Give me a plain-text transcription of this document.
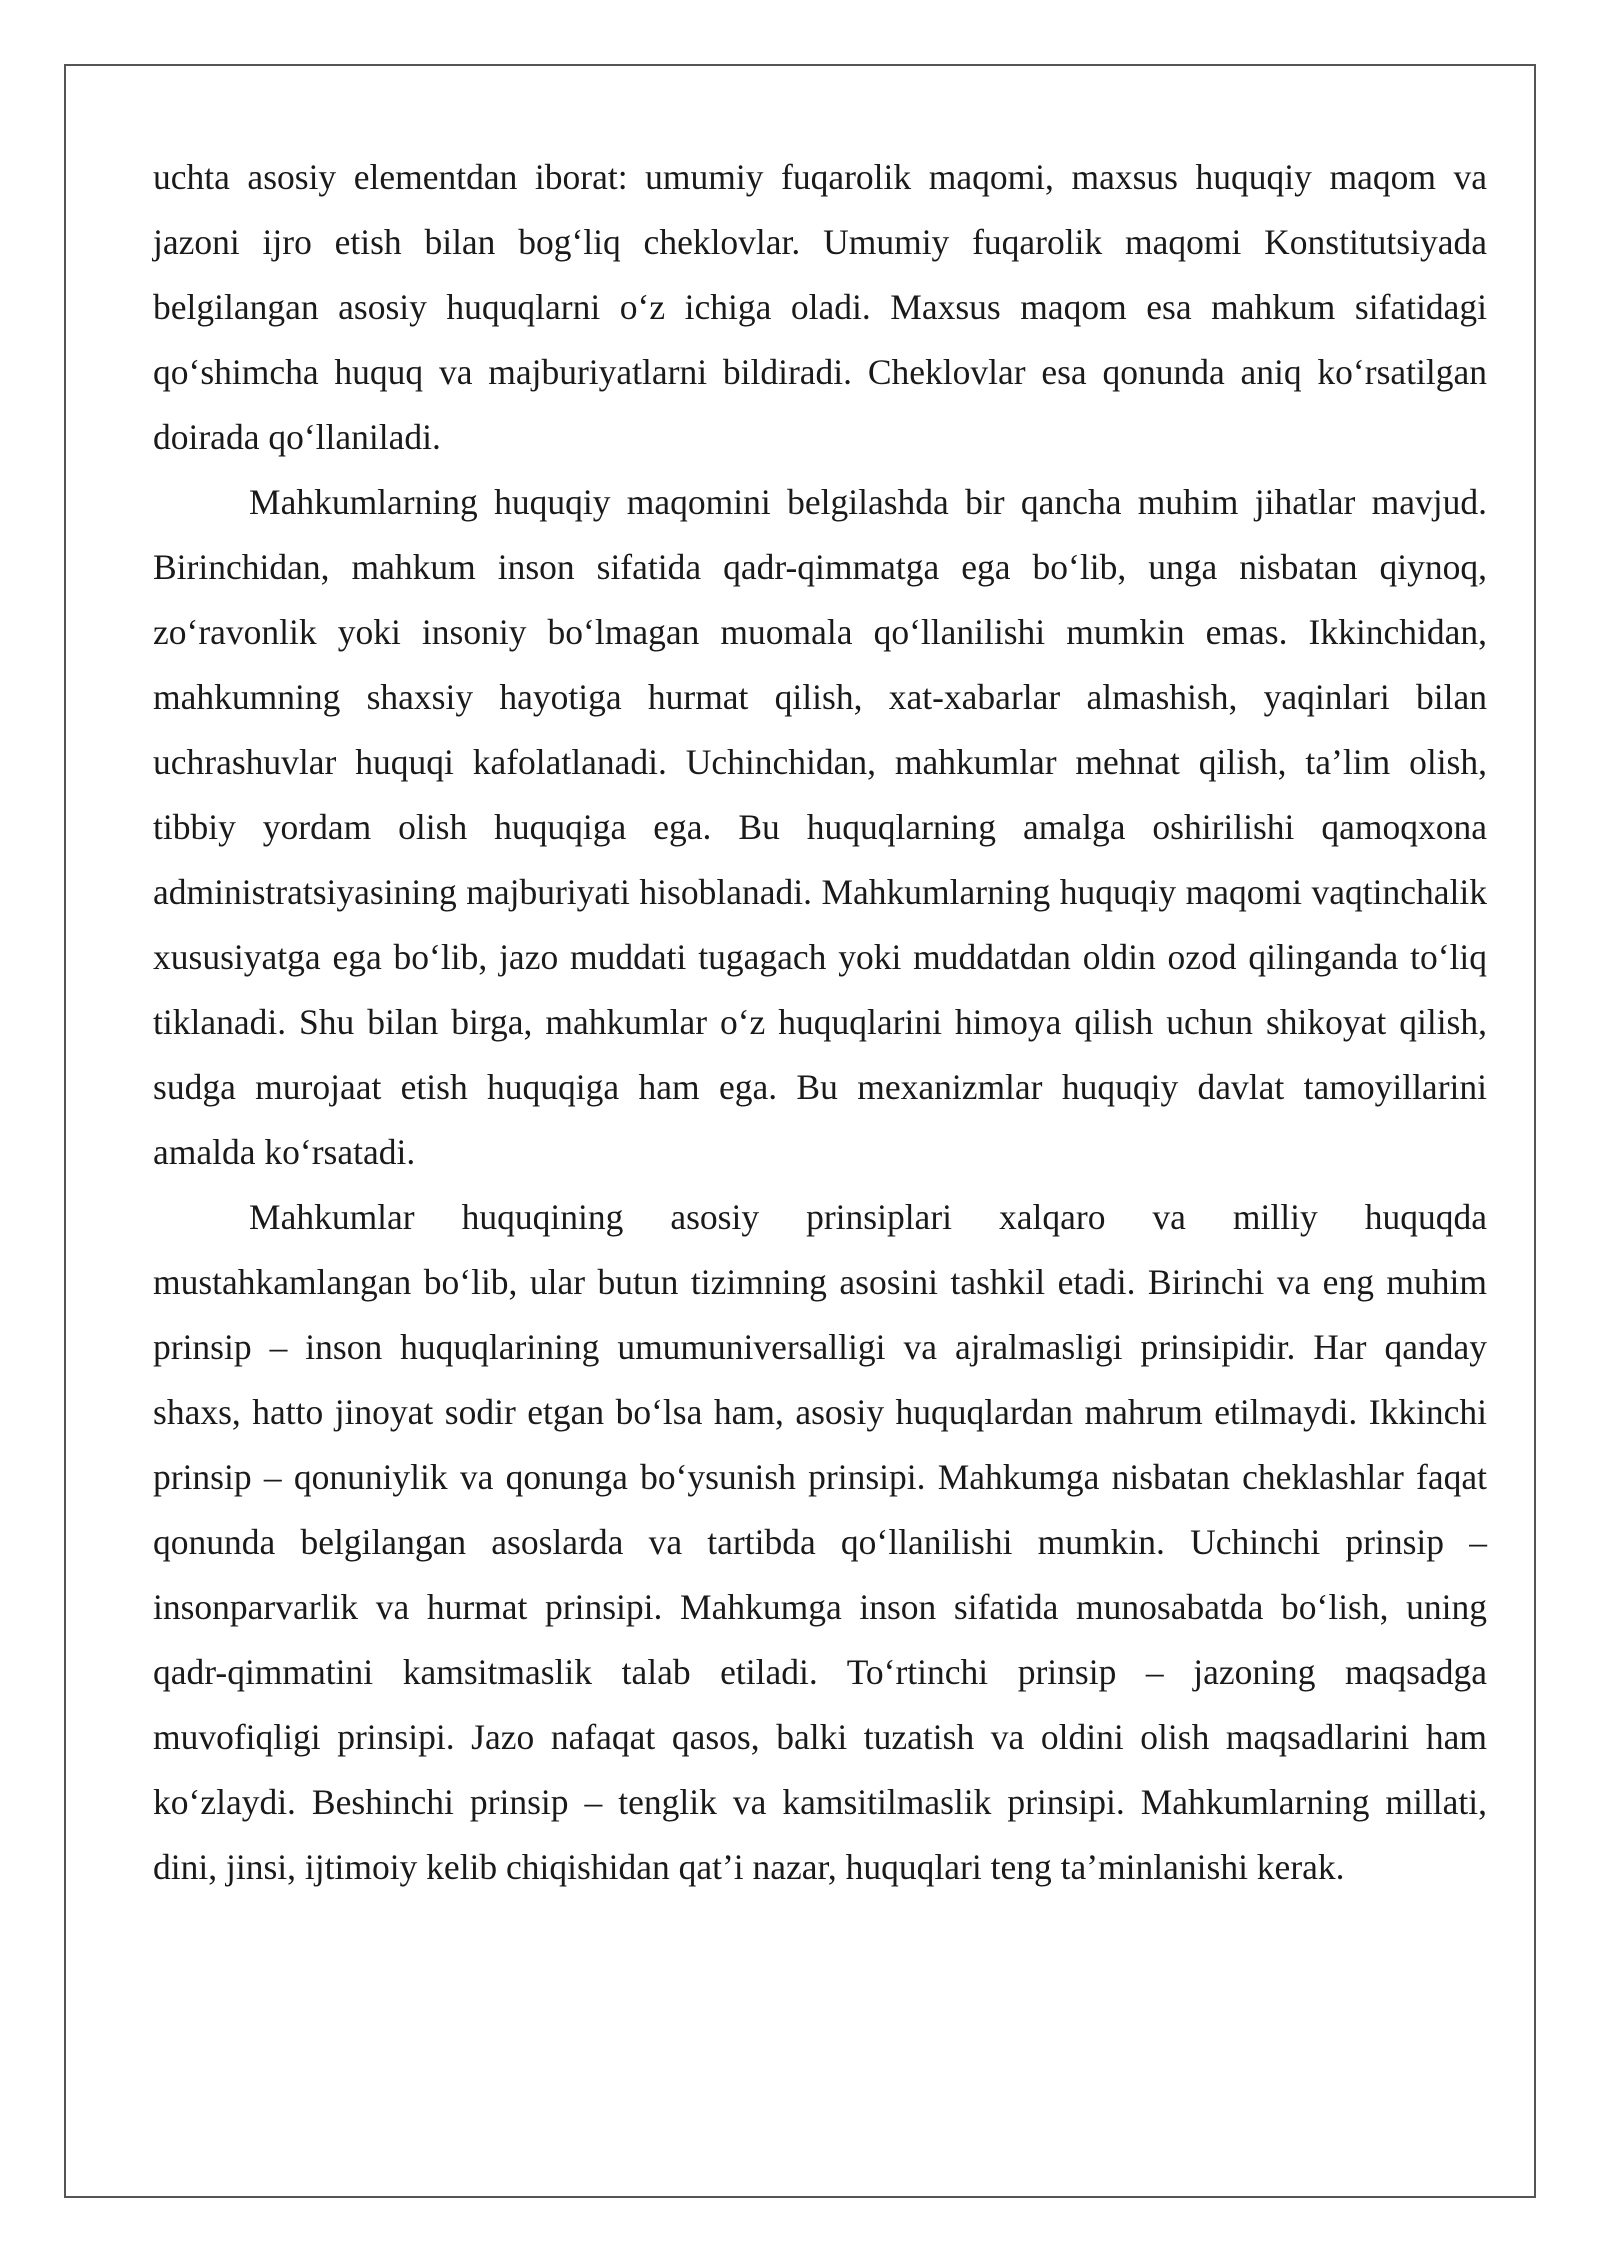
uchta asosiy elementdan iborat: umumiy fuqarolik maqomi, maxsus huquqiy maqom va jazoni ijro etish bilan bog‘liq cheklovlar. Umumiy fuqarolik maqomi Konstitutsiyada belgilangan asosiy huquqlarni o‘z ichiga oladi. Maxsus maqom esa mahkum sifatidagi qo‘shimcha huquq va majburiyatlarni bildiradi. Cheklovlar esa qonunda aniq ko‘rsatilgan doirada qo‘llaniladi.

Mahkumlarning huquqiy maqomini belgilashda bir qancha muhim jihatlar mavjud. Birinchidan, mahkum inson sifatida qadr-qimmatga ega bo‘lib, unga nisbatan qiynoq, zo‘ravonlik yoki insoniy bo‘lmagan muomala qo‘llanilishi mumkin emas. Ikkinchidan, mahkumning shaxsiy hayotiga hurmat qilish, xat-xabarlar almashish, yaqinlari bilan uchrashuvlar huquqi kafolatlanadi. Uchinchidan, mahkumlar mehnat qilish, ta’lim olish, tibbiy yordam olish huquqiga ega. Bu huquqlarning amalga oshirilishi qamoqxona administratsiyasining majburiyati hisoblanadi. Mahkumlarning huquqiy maqomi vaqtinchalik xususiyatga ega bo‘lib, jazo muddati tugagach yoki muddatdan oldin ozod qilinganda to‘liq tiklanadi. Shu bilan birga, mahkumlar o‘z huquqlarini himoya qilish uchun shikoyat qilish, sudga murojaat etish huquqiga ham ega. Bu mexanizmlar huquqiy davlat tamoyillarini amalda ko‘rsatadi.

Mahkumlar huquqining asosiy prinsiplari xalqaro va milliy huquqda mustahkamlangan bo‘lib, ular butun tizimning asosini tashkil etadi. Birinchi va eng muhim prinsip – inson huquqlarining umumuniversalligi va ajralmasligi prinsipidir. Har qanday shaxs, hatto jinoyat sodir etgan bo‘lsa ham, asosiy huquqlardan mahrum etilmaydi. Ikkinchi prinsip – qonuniylik va qonunga bo‘ysunish prinsipi. Mahkumga nisbatan cheklashlar faqat qonunda belgilangan asoslarda va tartibda qo‘llanilishi mumkin. Uchinchi prinsip – insonparvarlik va hurmat prinsipi. Mahkumga inson sifatida munosabatda bo‘lish, uning qadr-qimmatini kamsitmaslik talab etiladi. To‘rtinchi prinsip – jazoning maqsadga muvofiqligi prinsipi. Jazo nafaqat qasos, balki tuzatish va oldini olish maqsadlarini ham ko‘zlaydi. Beshinchi prinsip – tenglik va kamsitilmaslik prinsipi. Mahkumlarning millati, dini, jinsi, ijtimoiy kelib chiqishidan qat’i nazar, huquqlari teng ta’minlanishi kerak.
